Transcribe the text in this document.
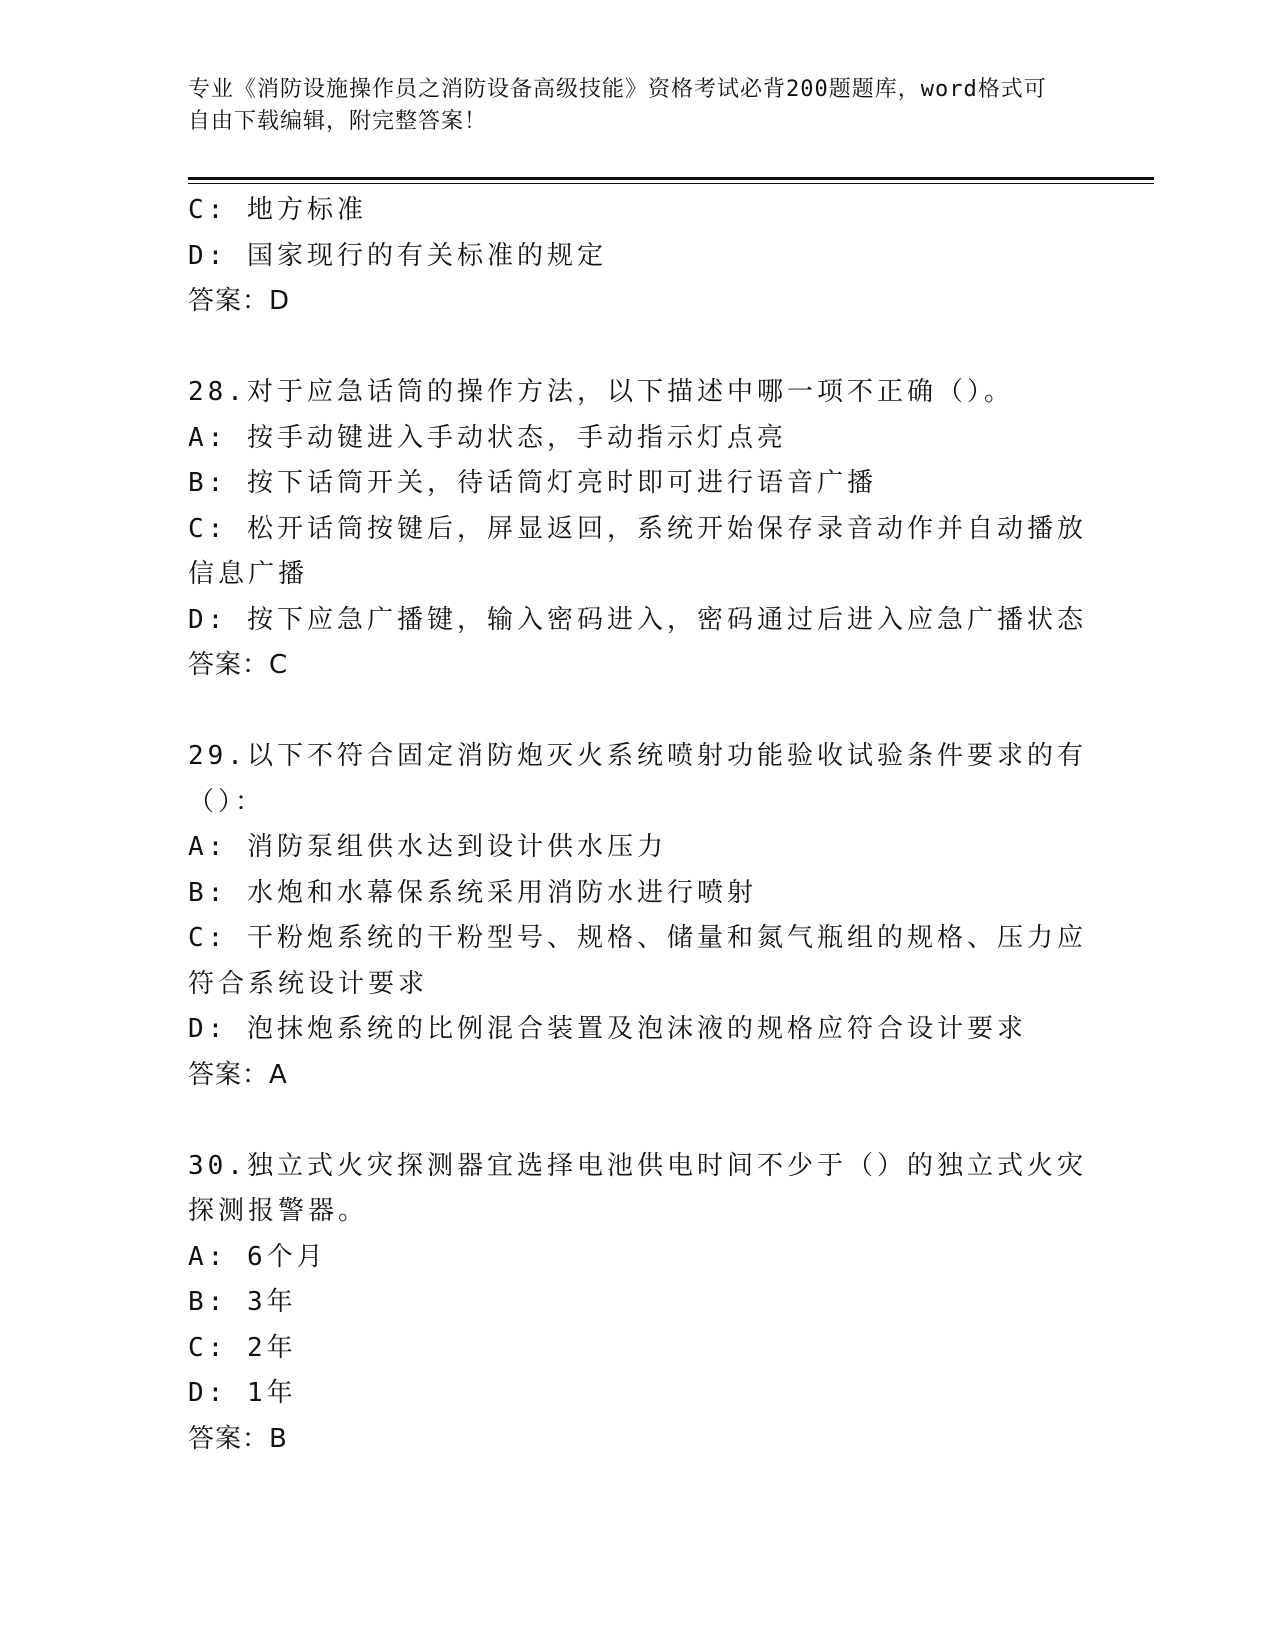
专业《消防设施操作员之消防设备高级技能》资格考试必背200题题库，word格式可自由下载编辑，附完整答案！
C: 地方标准
D: 国家现行的有关标准的规定
答案：D
28.对于应急话筒的操作方法，以下描述中哪一项不正确（）。
A: 按手动键进入手动状态，手动指示灯点亮
B: 按下话筒开关，待话筒灯亮时即可进行语音广播
C: 松开话筒按键后，屏显返回，系统开始保存录音动作并自动播放信息广播
D: 按下应急广播键，输入密码进入，密码通过后进入应急广播状态
答案：C
29.以下不符合固定消防炮灭火系统喷射功能验收试验条件要求的有（）：
A: 消防泵组供水达到设计供水压力
B: 水炮和水幕保系统采用消防水进行喷射
C: 干粉炮系统的干粉型号、规格、储量和氮气瓶组的规格、压力应符合系统设计要求
D: 泡抹炮系统的比例混合装置及泡沫液的规格应符合设计要求
答案：A
30.独立式火灾探测器宜选择电池供电时间不少于（）的独立式火灾探测报警器。
A: 6个月
B: 3年
C: 2年
D: 1年
答案：B
